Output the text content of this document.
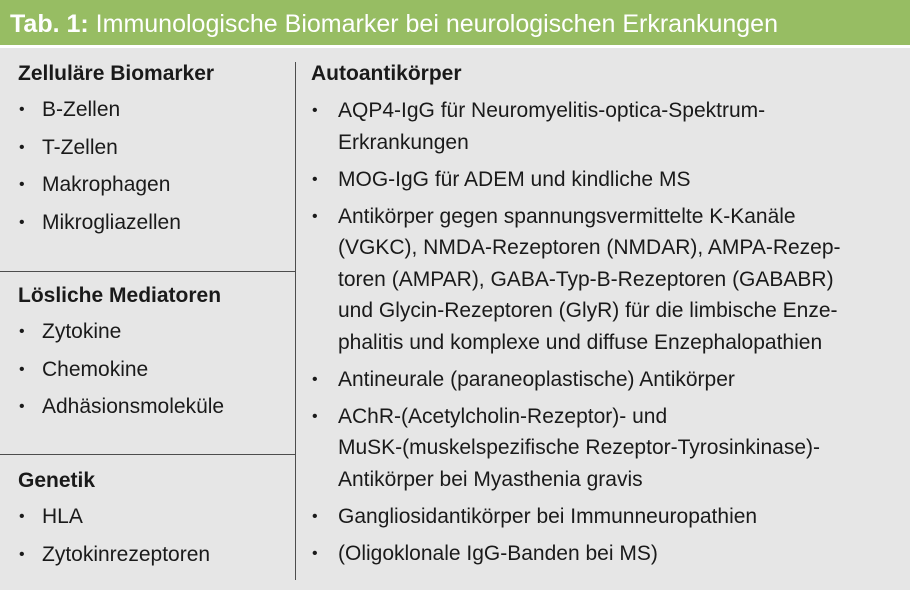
Tab. 1: Immunologische Biomarker bei neurologischen Erkrankungen
Zelluläre Biomarker
• B-Zellen
• T-Zellen
• Makrophagen
• Mikrogliazellen
Lösliche Mediatoren
• Zytokine
• Chemokine
• Adhäsionsmoleküle
Genetik
• HLA
• Zytokinrezeptoren
Autoantikörper
• AQP4-IgG für Neuromyelitis-optica-Spektrum-
Erkrankungen
• MOG-IgG für ADEM und kindliche MS
• Antikörper gegen spannungsvermittelte K-Kanäle
(VGKC), NMDA-Rezeptoren (NMDAR), AMPA-Rezep-
toren (AMPAR), GABA-Typ-B-Rezeptoren (GABABR)
und Glycin-Rezeptoren (GlyR) für die limbische Enze-
phalitis und komplexe und diffuse Enzephalopathien
• Antineurale (paraneoplastische) Antikörper
• AChR-(Acetylcholin-Rezeptor)- und
MuSK-(muskelspezifische Rezeptor-Tyrosinkinase)-
Antikörper bei Myasthenia gravis
• Gangliosidantikörper bei Immunneuropathien
• (Oligoklonale IgG-Banden bei MS)
